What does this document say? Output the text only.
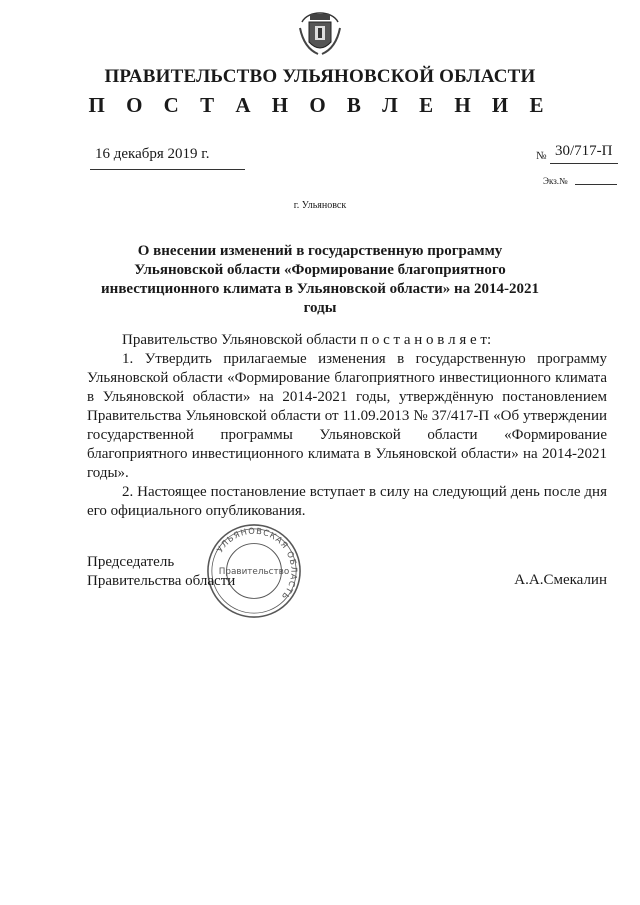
ПРАВИТЕЛЬСТВО УЛЬЯНОВСКОЙ ОБЛАСТИ
П О С Т А Н О В Л Е Н И Е
16 декабря 2019 г.	№ 30/717-П
Экз.№
г. Ульяновск
О внесении изменений в государственную программу
Ульяновской области «Формирование благоприятного
инвестиционного климата в Ульяновской области» на 2014-2021 годы

Правительство Ульяновской области п о с т а н о в л я е т:

1. Утвердить прилагаемые изменения в государственную программу Ульяновской области «Формирование благоприятного инвестиционного климата в Ульяновской области» на 2014-2021 годы, утверждённую постановлением Правительства Ульяновской области от 11.09.2013 № 37/417-П «Об утверждении государственной программы Ульяновской области «Формирование благоприятного инвестиционного климата в Ульяновской области» на 2014-2021 годы».

2. Настоящее постановление вступает в силу на следующий день после дня его официального опубликования.

УЛЬЯНОВСКАЯ ОБЛАСТЬ
Правительство
Председатель
Правительства области	А.А.Смекалин
